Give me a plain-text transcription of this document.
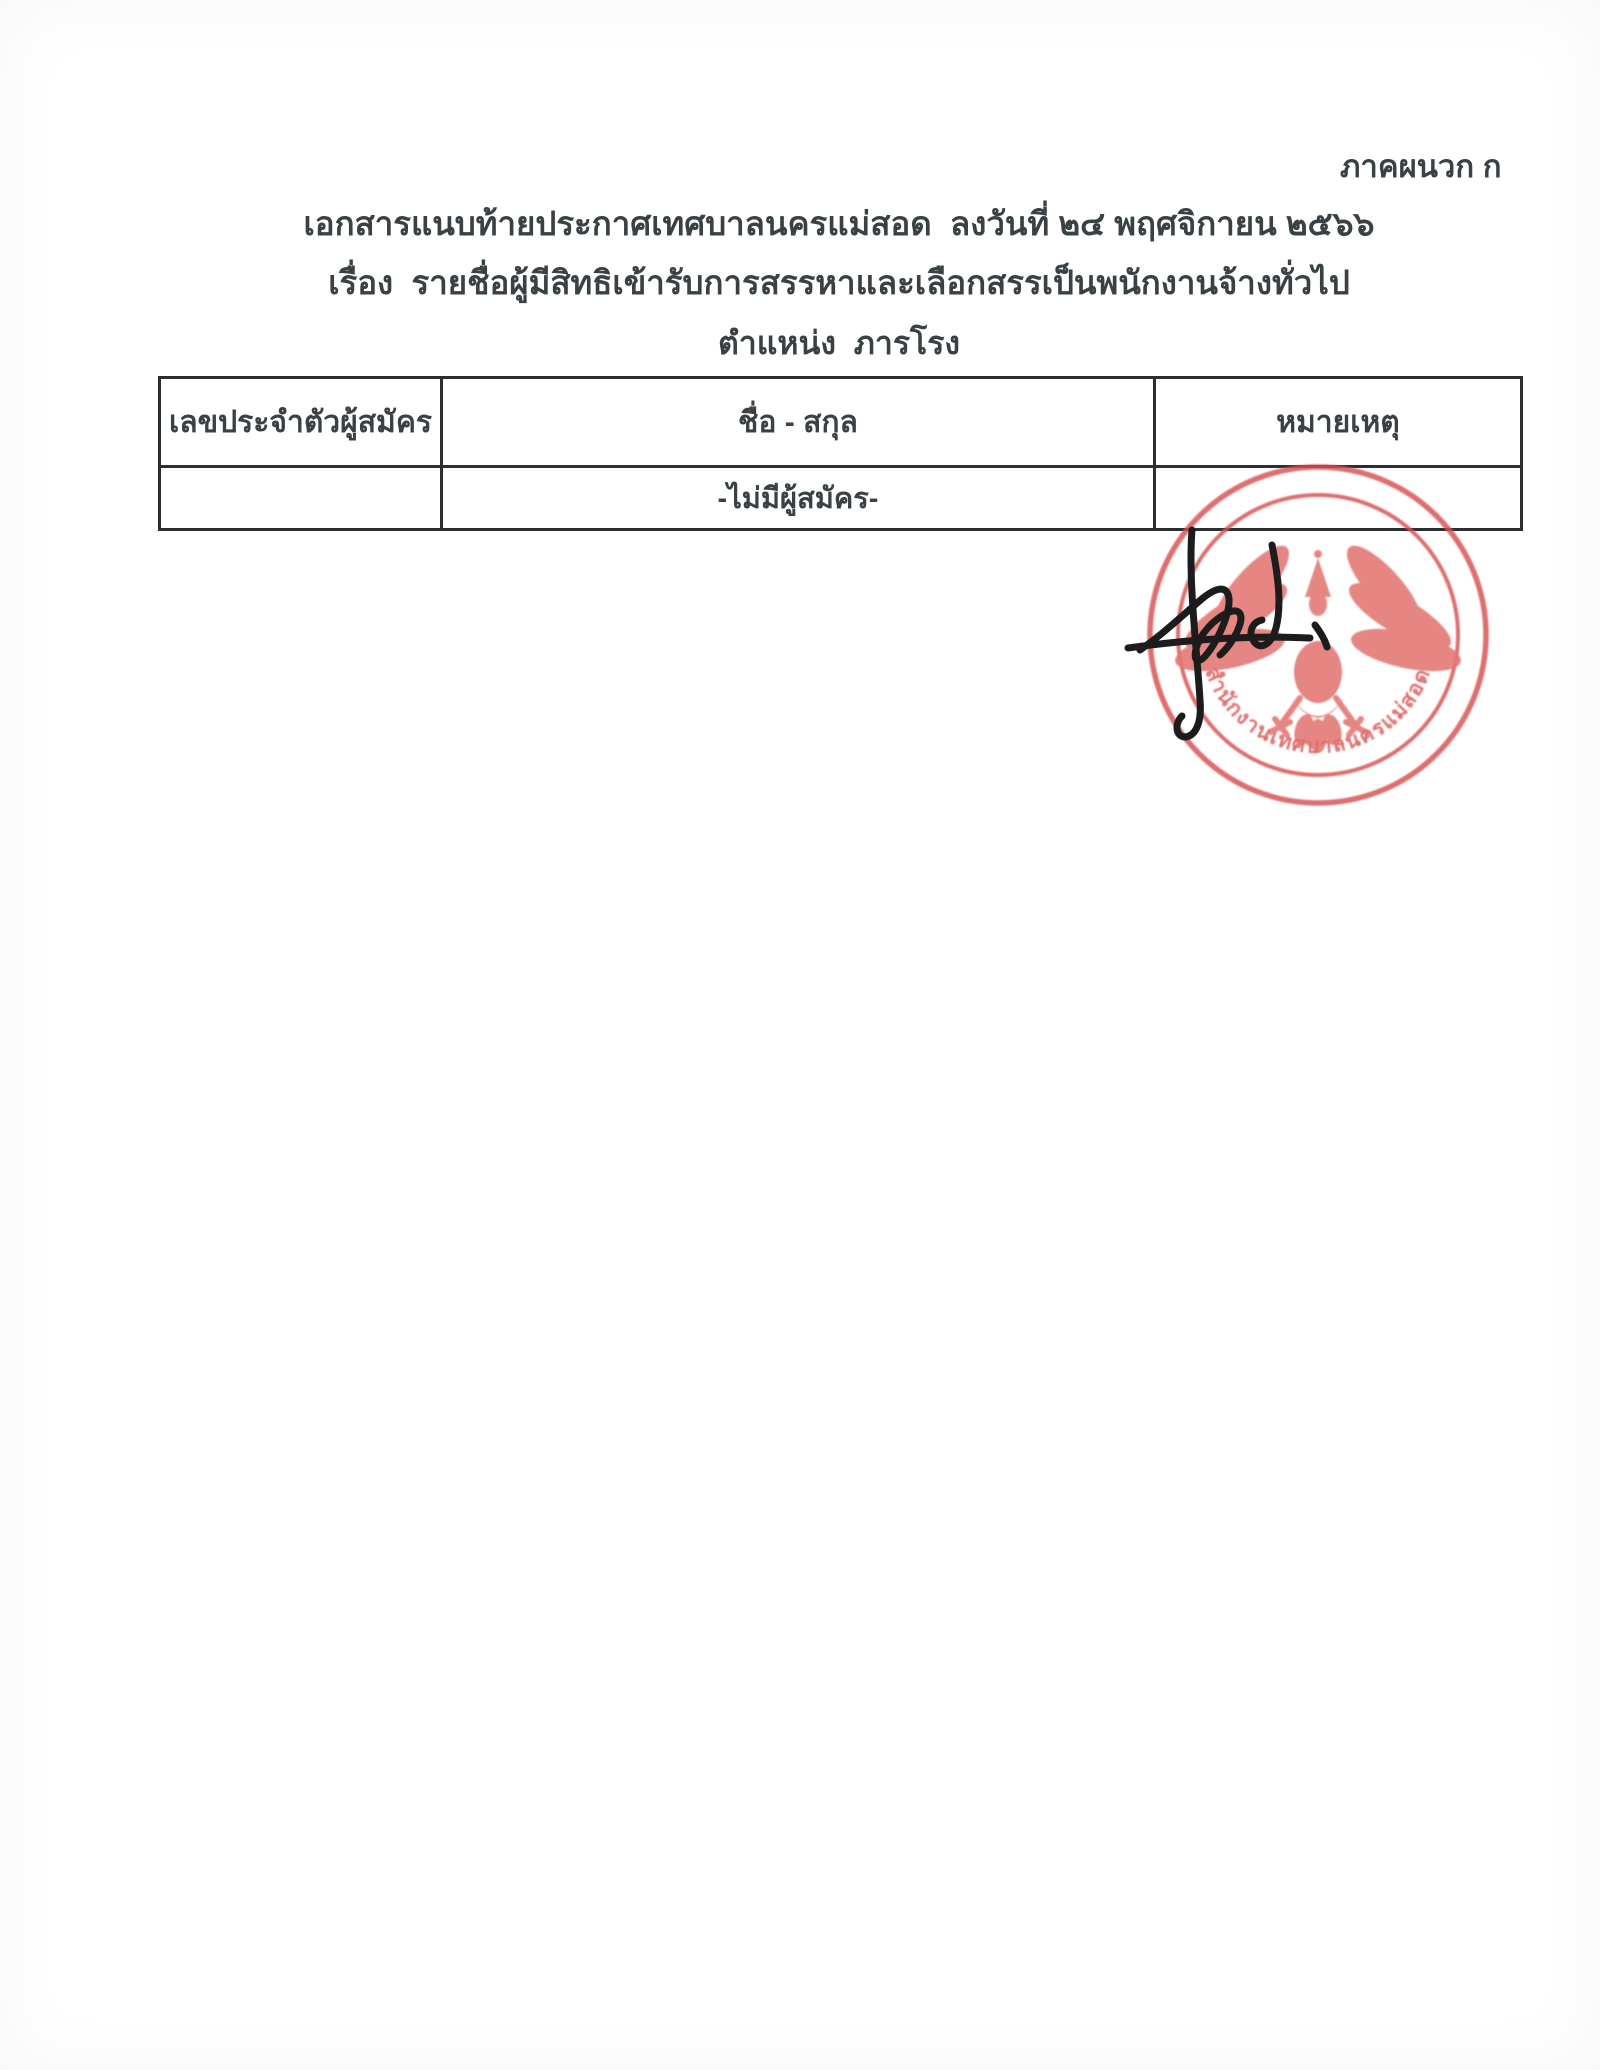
ภาคผนวก ก
เอกสารแนบท้ายประกาศเทศบาลนครแม่สอด  ลงวันที่ ๒๔ พฤศจิกายน ๒๕๖๖
เรื่อง  รายชื่อผู้มีสิทธิเข้ารับการสรรหาและเลือกสรรเป็นพนักงานจ้างทั่วไป
ตำแหน่ง  ภารโรง
เลขประจำตัวผู้สมัคร	ชื่อ - สกุล	หมายเหตุ
	-ไม่มีผู้สมัคร-	
สำนักงานเทศบาลนครแม่สอด
